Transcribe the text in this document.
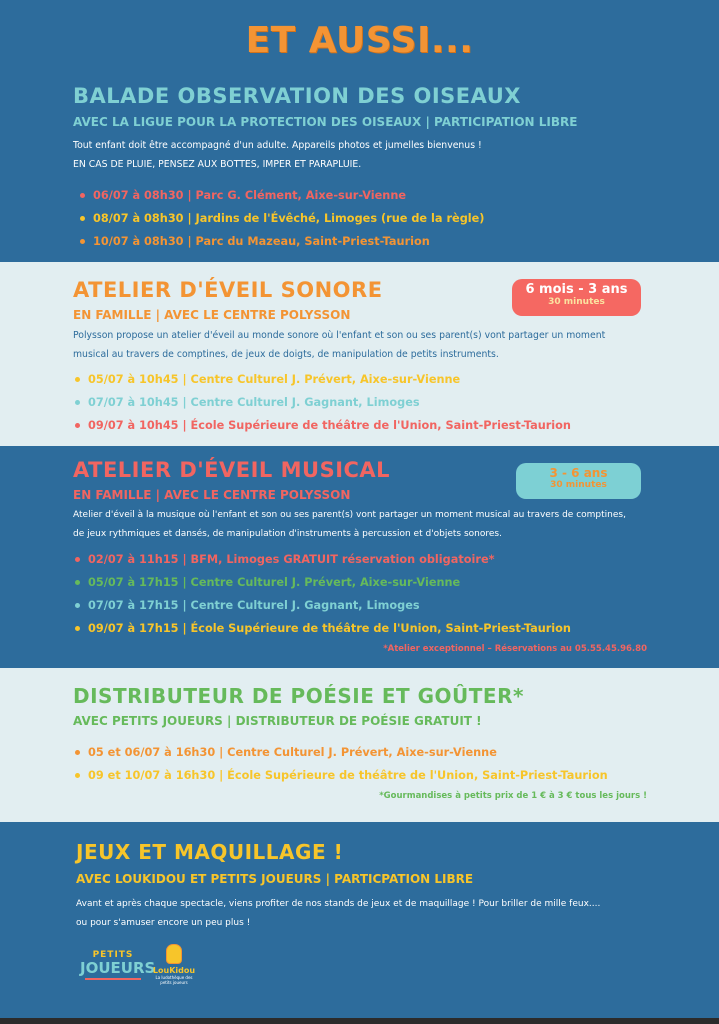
ET AUSSI...
BALADE OBSERVATION DES OISEAUX
AVEC LA LIGUE POUR LA PROTECTION DES OISEAUX | PARTICIPATION LIBRE
Tout enfant doit être accompagné d'un adulte. Appareils photos et jumelles bienvenus !
EN CAS DE PLUIE, PENSEZ AUX BOTTES, IMPER ET PARAPLUIE.
06/07 à 08h30 | Parc G. Clément, Aixe-sur-Vienne
08/07 à 08h30 | Jardins de l'Évêché, Limoges (rue de la règle)
10/07 à 08h30 | Parc du Mazeau, Saint-Priest-Taurion
ATELIER D'ÉVEIL SONORE
EN FAMILLE | AVEC LE CENTRE POLYSSON
6 mois - 3 ans
30 minutes
Polysson propose un atelier d'éveil au monde sonore où l'enfant et son ou ses parent(s) vont partager un moment
musical au travers de comptines, de jeux de doigts, de manipulation de petits instruments.
05/07 à 10h45 | Centre Culturel J. Prévert, Aixe-sur-Vienne
07/07 à 10h45 | Centre Culturel J. Gagnant, Limoges
09/07 à 10h45 | École Supérieure de théâtre de l'Union, Saint-Priest-Taurion
ATELIER D'ÉVEIL MUSICAL
EN FAMILLE | AVEC LE CENTRE POLYSSON
3 - 6 ans
30 minutes
Atelier d'éveil à la musique où l'enfant et son ou ses parent(s) vont partager un moment musical au travers de comptines,
de jeux rythmiques et dansés, de manipulation d'instruments à percussion et d'objets sonores.
02/07 à 11h15 | BFM, Limoges GRATUIT réservation obligatoire*
05/07 à 17h15 | Centre Culturel J. Prévert, Aixe-sur-Vienne
07/07 à 17h15 | Centre Culturel J. Gagnant, Limoges
09/07 à 17h15 | École Supérieure de théâtre de l'Union, Saint-Priest-Taurion
*Atelier exceptionnel – Réservations au 05.55.45.96.80
DISTRIBUTEUR DE POÉSIE ET GOÛTER*
AVEC PETITS JOUEURS | DISTRIBUTEUR DE POÉSIE GRATUIT !
05 et 06/07 à 16h30 | Centre Culturel J. Prévert, Aixe-sur-Vienne
09 et 10/07 à 16h30 | École Supérieure de théâtre de l'Union, Saint-Priest-Taurion
*Gourmandises à petits prix de 1 € à 3 € tous les jours !
JEUX ET MAQUILLAGE !
AVEC LOUKIDOU ET PETITS JOUEURS | PARTICPATION LIBRE
Avant et après chaque spectacle, viens profiter de nos stands de jeux et de maquillage ! Pour briller de mille feux....
ou pour s'amuser encore un peu plus !
PETITS
JOUEURS
LouKidou
La ludothèque des petits joueurs
